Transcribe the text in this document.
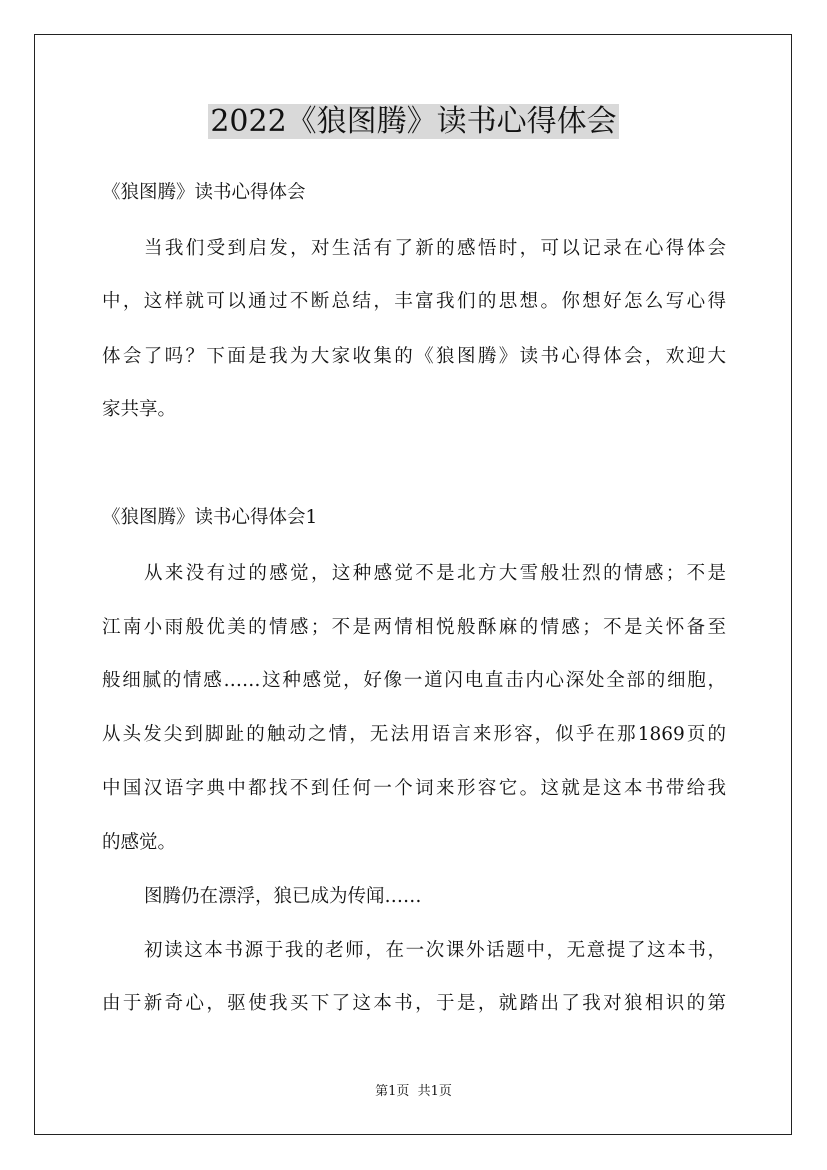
2022《狼图腾》读书心得体会
《狼图腾》读书心得体会
当我们受到启发，对生活有了新的感悟时，可以记录在心得体会
中，这样就可以通过不断总结，丰富我们的思想。你想好怎么写心得
体会了吗？下面是我为大家收集的《狼图腾》读书心得体会，欢迎大
家共享。
《狼图腾》读书心得体会1
从来没有过的感觉，这种感觉不是北方大雪般壮烈的情感；不是
江南小雨般优美的情感；不是两情相悦般酥麻的情感；不是关怀备至
般细腻的情感……这种感觉，好像一道闪电直击内心深处全部的细胞，
从头发尖到脚趾的触动之情，无法用语言来形容，似乎在那1869页的
中国汉语字典中都找不到任何一个词来形容它。这就是这本书带给我
的感觉。
图腾仍在漂浮，狼已成为传闻……
初读这本书源于我的老师，在一次课外话题中，无意提了这本书，
由于新奇心，驱使我买下了这本书，于是，就踏出了我对狼相识的第
第1页  共1页
